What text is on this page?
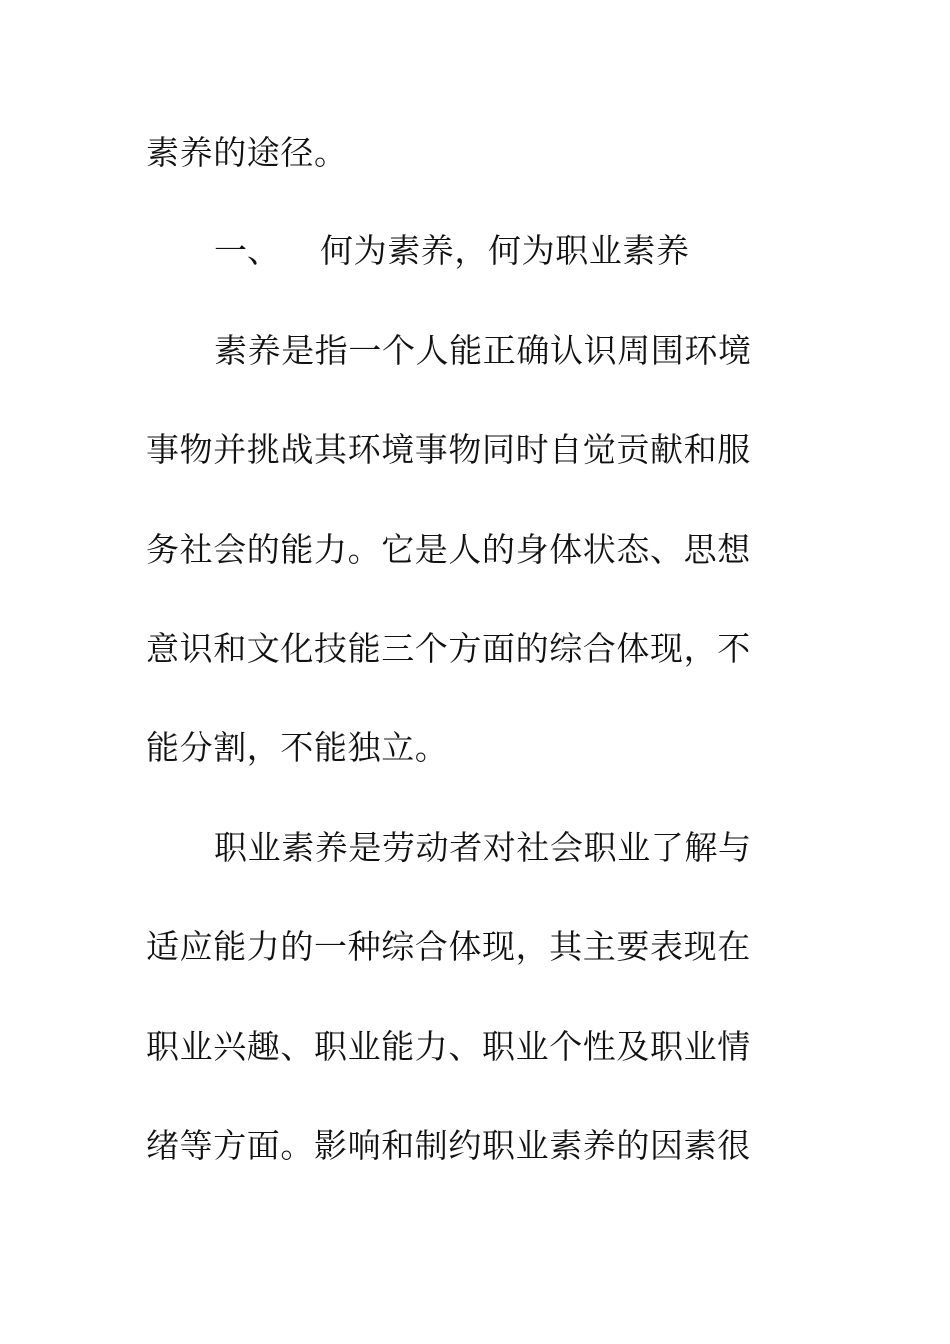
素养的途径。
一、	何为素养，何为职业素养
素养是指一个人能正确认识周围环境
事物并挑战其环境事物同时自觉贡献和服
务社会的能力。它是人的身体状态、思想
意识和文化技能三个方面的综合体现，不
能分割，不能独立。
职业素养是劳动者对社会职业了解与
适应能力的一种综合体现，其主要表现在
职业兴趣、职业能力、职业个性及职业情
绪等方面。影响和制约职业素养的因素很
